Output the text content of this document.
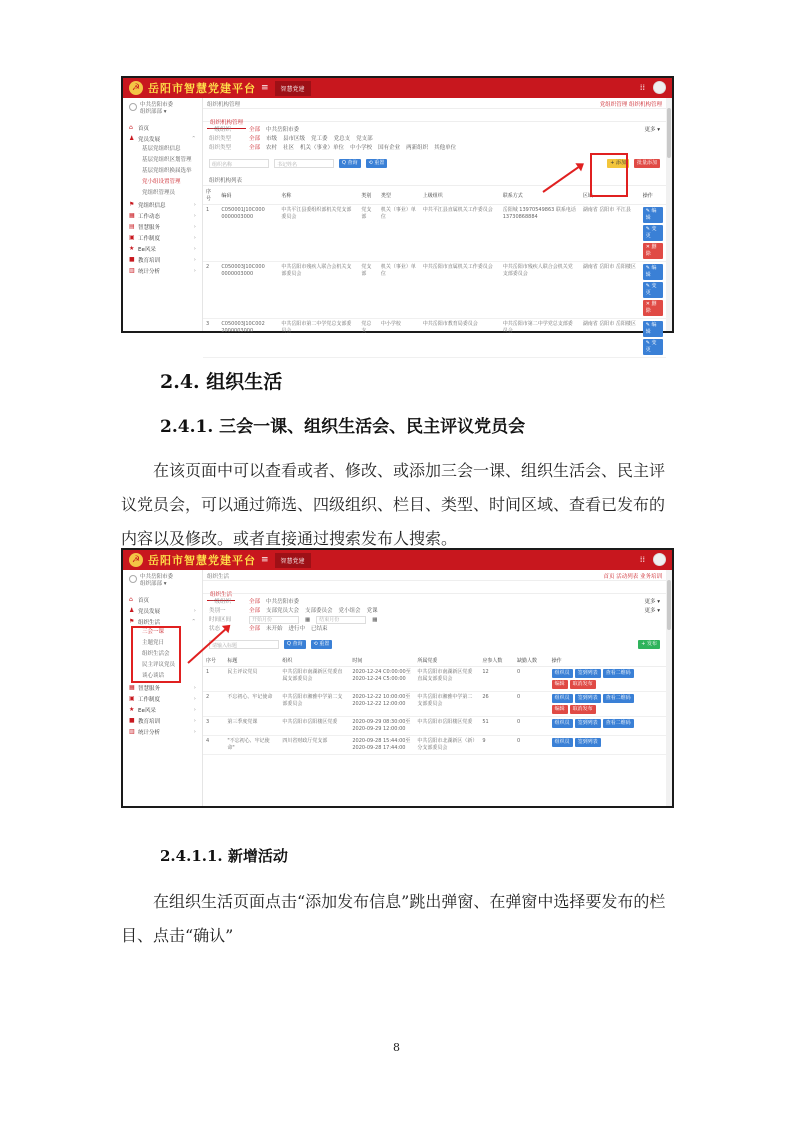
☭ 岳阳市智慧党建平台 ≡	智慧党建	⁞⁞
中共岳阳市委
组织部部 ▾
⌂ 首页
♟ 党员发展	⌃
基层党组织信息
基层党组织区划管理
基层党组织换届选举
党小组设置管理
党组织管理员
⚑ 党组织信息	›
▦ 工作动态	›
▤ 智慧服务	›
▣ 工作制度	›
★ Ee风采	›
■ 教育培训	›
▥ 统计分析	›
组织机构管理	党组织管理 组织机构管理
组织机构管理
一级组织	全部 中共岳阳市委	更多 ▾
组织类型	全部 市级 县市区级 党工委 党总支 党支部
组织类型	全部 农村 社区 机关（事业）单位 中小学校 国有企业 两新组织 其他单位
组织名称	书记姓名	Q 查询	⟲ 重置	+ 添加	批量添加
组织机构列表
序号	编码	名称	类别	类型	上级组织	联系方式	区域	操作
1	C050001J10C000 0000003000	中共平江县委组织部机关党支部委员会	党支部	机关（事业）单位	中共平江县直属机关工作委员会	岳阳城 13970549863 联系电话 13730868884	湖南省 岳阳市 平江县	✎ 编辑
✎ 变更
✕ 删除

2	C050003J10C000 0000003000	中共岳阳市残疾人联合会机关支部委员会	党支部	机关（事业）单位	中共岳阳市直属机关工作委员会	中共岳阳市残疾人联合会机关党支部委员会	湖南省 岳阳市 岳阳楼区	✎ 编辑
✎ 变更
✕ 删除

3	C050003J10C002 2000003000	中共岳阳市第二中学党总支部委员会	党总支	中小学校	中共岳阳市教育局委员会	中共岳阳市第二中学党总支部委员会	湖南省 岳阳市 岳阳楼区	✎ 编辑
✎ 变更
2.4. 组织生活
2.4.1. 三会一课、组织生活会、民主评议党员会

在该页面中可以查看或者、修改、或添加三会一课、组织生活会、民主评议党员会，可以通过筛选、四级组织、栏目、类型、时间区域、查看已发布的内容以及修改。或者直接通过搜索发布人搜索。

☭ 岳阳市智慧党建平台 ≡	智慧党建	⁞⁞
中共岳阳市委
组织部部 ▾
⌂ 首页
♟ 党员发展	›
⚑ 组织生活	⌃
三会一课
主题党日
组织生活会
民主评议党员
谈心谈话
▦ 智慧服务	›
▣ 工作制度	›
★ Ee风采	›
■ 教育培训	›
▥ 统计分析	›
组织生活	首页 活动列表 业务培训
组织生活
一级组织	全部 中共岳阳市委	更多 ▾
类别一	全部 支部党员大会 支部委员会 党小组会 党课	更多 ▾
时间区间	开始月份	▦	结束月份	▦
状态	全部 未开始 进行中 已结束
请输入标题	Q 查询	⟲ 重置	+ 发布
序号	标题	组织	时间	所属党委	应参人数	缺勤人数	操作
1	民主评议党员	中共岳阳市南湖新区党委直属支部委员会	2020-12-24 C0:00:00至2020-12-24 C5:00:00	中共岳阳市南湖新区党委直属支部委员会	12	0	组织员 签到列表 查看二维码
编辑 取消发布

2	不忘初心、牢记使命	中共岳阳市湘雅中学第二支部委员会	2020-12-22 10:00:00至2020-12-22 12:00:00	中共岳阳市湘雅中学第二支部委员会	26	0	组织员 签到列表 查看二维码
编辑 取消发布

3	第三季度党课	中共岳阳市岳阳楼区党委	2020-09-29 08:30:00至2020-09-29 12:00:00	中共岳阳市岳阳楼区党委	51	0	组织员 签到列表 查看二维码

4	"不忘初心、牢记使命"	四川省财政厅党支部	2020-09-28 15:44:00至2020-09-28 17:44:00	中共岳阳市北湖新区（新）分支部委员会	9	0	组织员 签到列表
2.4.1.1. 新增活动

在组织生活页面点击“添加发布信息”跳出弹窗、在弹窗中选择要发布的栏目、点击“确认”

8
